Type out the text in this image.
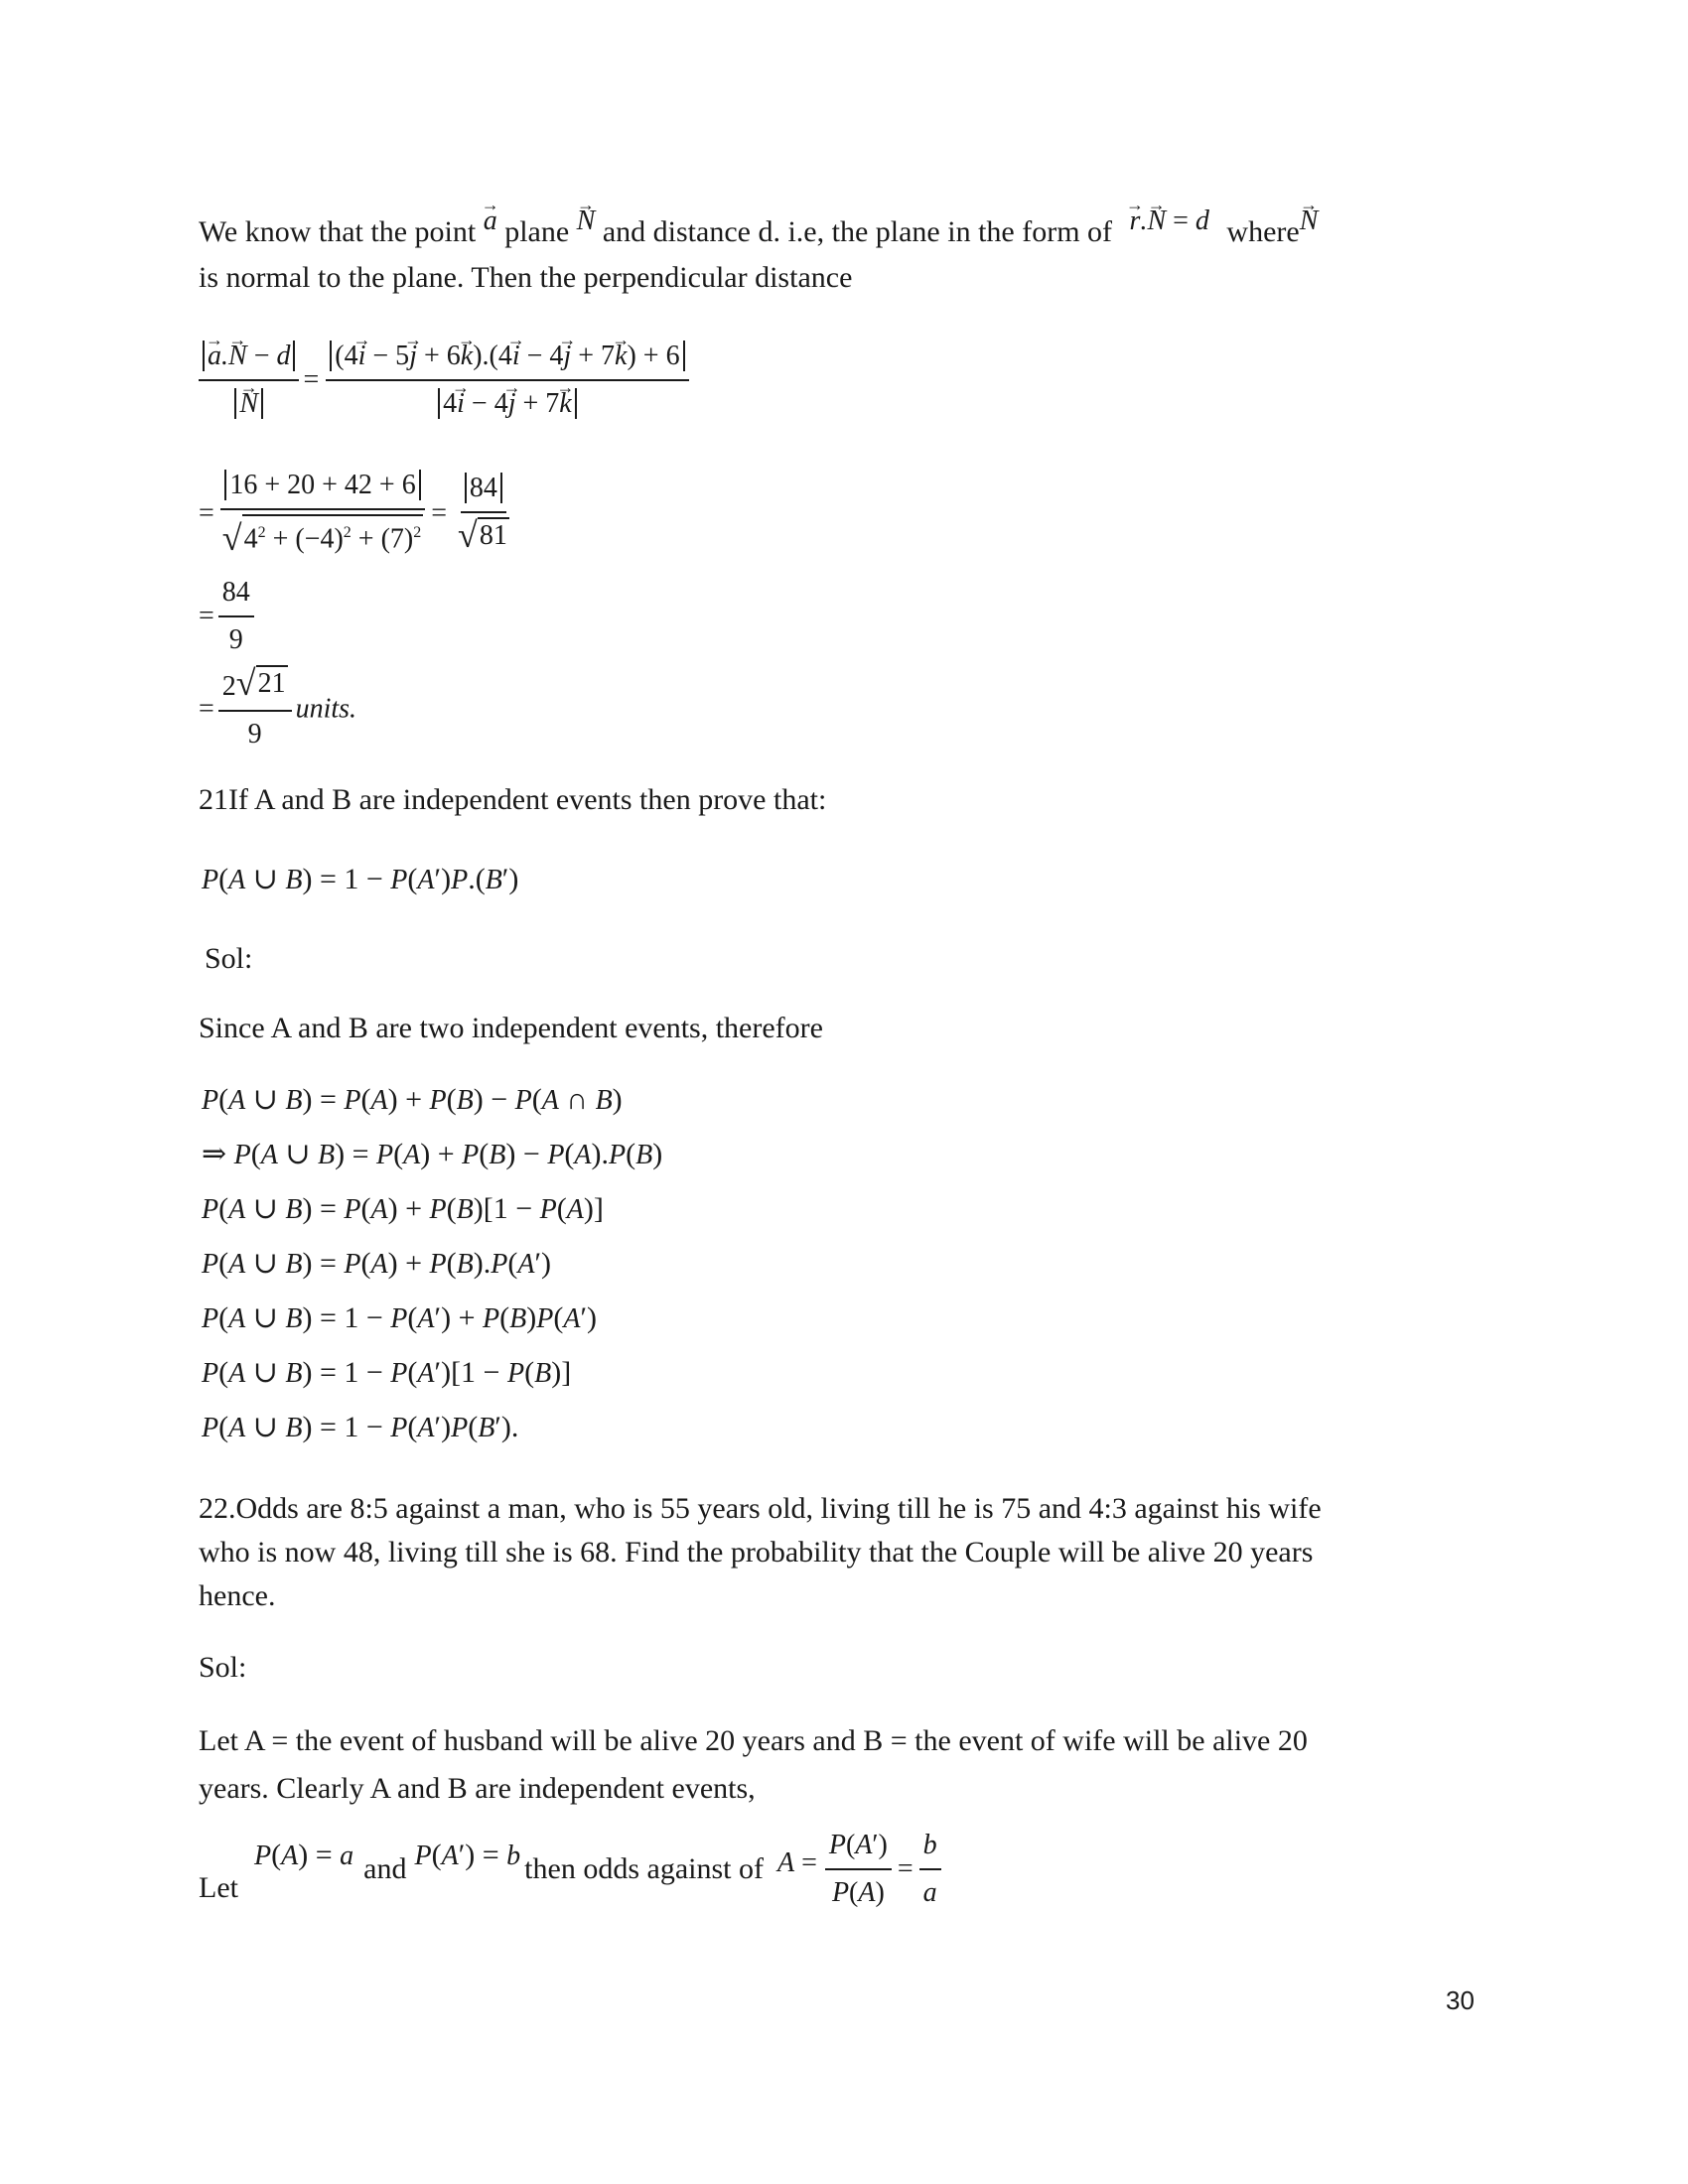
We know that the point → a plane → N and distance d. i.e, the plane in the form of → r.→ N = d where→ N
is normal to the plane. Then the perpendicular distance
→ a.→ N − d
→ $N = \frac{(4\to i - 5\to j + 6\to k).(4\to i - 4\to j + 7\to k) + 6}{4\to i - 4\to j + 7\to k}$
= $\frac{16 + 20 + 42 + 6}{√ 4^2 + (-4)^2 + (7)^2} = \frac{84}{√ 81}$
= $\frac{84}{9}$
= $\frac{2 √ 21}{9}$ units.
21If A and B are independent events then prove that:
P(A ∪ B) = 1 − P(A′)P.(B′)
Sol:
Since A and B are two independent events, therefore
P(A ∪ B) = P(A) + P(B) − P(A ∩ B)
⇒ P(A ∪ B) = P(A) + P(B) − P(A).P(B)
P(A ∪ B) = P(A) + P(B)[1 − P(A)]
P(A ∪ B) = P(A) + P(B).P(A′)
P(A ∪ B) = 1 − P(A′) + P(B)P(A′)
P(A ∪ B) = 1 − P(A′)[1 − P(B)]
P(A ∪ B) = 1 − P(A′)P(B′).
22.Odds are 8:5 against a man, who is 55 years old, living till he is 75 and 4:3 against his wife
who is now 48, living till she is 68. Find the probability that the Couple will be alive 20 years
hence.
Sol:
Let A = the event of husband will be alive 20 years and B = the event of wife will be alive 20
years. Clearly A and B are independent events,
Let
P(A) = a and P(A′) = b then odds against of $A = \frac{P(A')}{P(A)} = \frac{b}{a}$
30
